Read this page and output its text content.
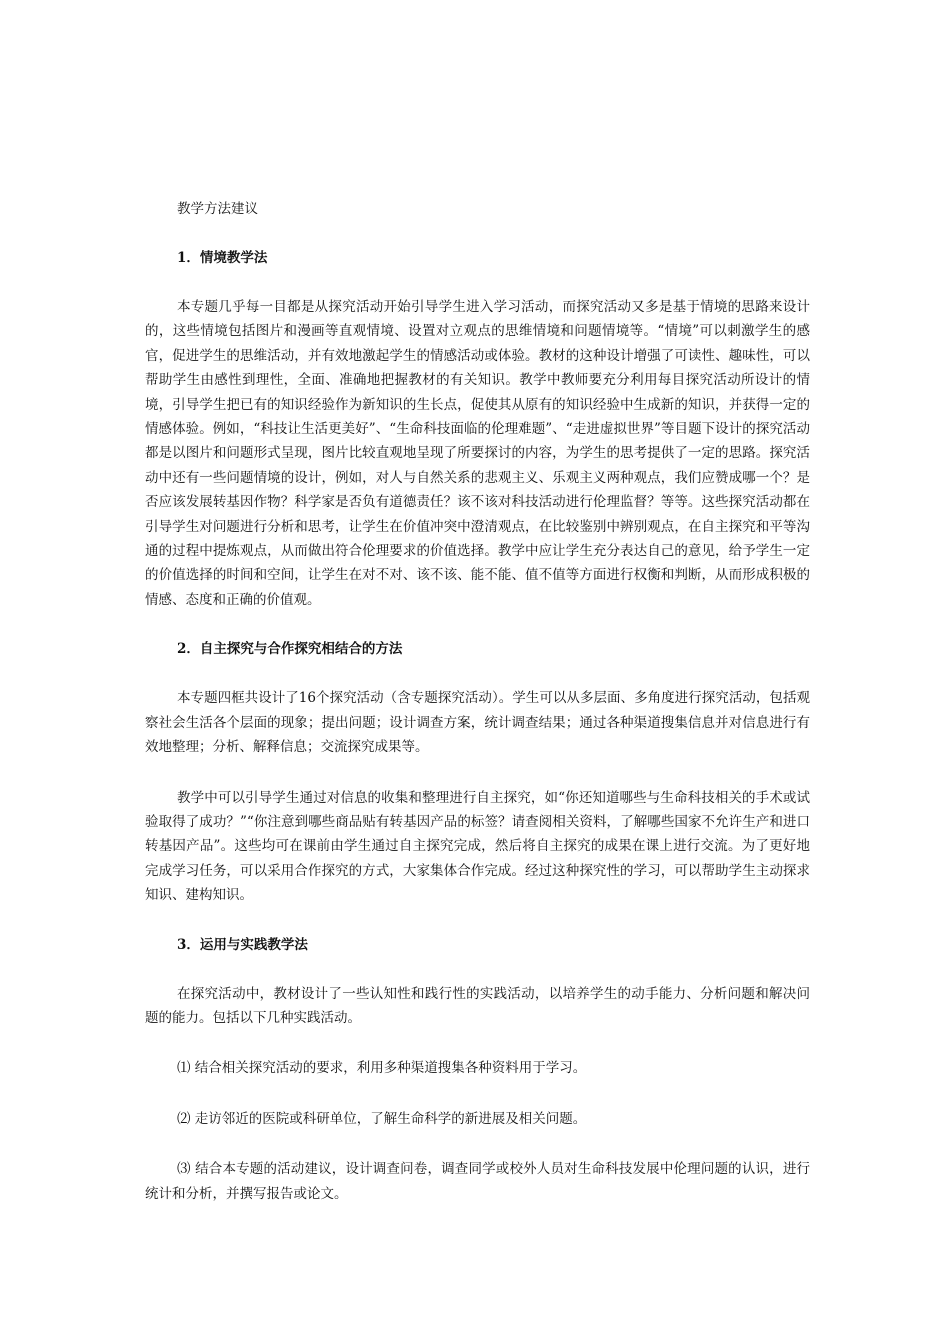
教学方法建议
1．情境教学法

本专题几乎每一目都是从探究活动开始引导学生进入学习活动，而探究活动又多是基于情境的思路来设计的，这些情境包括图片和漫画等直观情境、设置对立观点的思维情境和问题情境等。“情境”可以刺激学生的感官，促进学生的思维活动，并有效地激起学生的情感活动或体验。教材的这种设计增强了可读性、趣味性，可以帮助学生由感性到理性，全面、准确地把握教材的有关知识。教学中教师要充分利用每目探究活动所设计的情境，引导学生把已有的知识经验作为新知识的生长点，促使其从原有的知识经验中生成新的知识，并获得一定的情感体验。例如，“科技让生活更美好”、“生命科技面临的伦理难题”、“走进虚拟世界”等目题下设计的探究活动都是以图片和问题形式呈现，图片比较直观地呈现了所要探讨的内容，为学生的思考提供了一定的思路。探究活动中还有一些问题情境的设计，例如，对人与自然关系的悲观主义、乐观主义两种观点，我们应赞成哪一个？是否应该发展转基因作物？科学家是否负有道德责任？该不该对科技活动进行伦理监督？等等。这些探究活动都在引导学生对问题进行分析和思考，让学生在价值冲突中澄清观点，在比较鉴别中辨别观点，在自主探究和平等沟通的过程中提炼观点，从而做出符合伦理要求的价值选择。教学中应让学生充分表达自己的意见，给予学生一定的价值选择的时间和空间，让学生在对不对、该不该、能不能、值不值等方面进行权衡和判断，从而形成积极的情感、态度和正确的价值观。

2．自主探究与合作探究相结合的方法

本专题四框共设计了16个探究活动（含专题探究活动）。学生可以从多层面、多角度进行探究活动，包括观察社会生活各个层面的现象；提出问题；设计调查方案，统计调查结果；通过各种渠道搜集信息并对信息进行有效地整理；分析、解释信息；交流探究成果等。

教学中可以引导学生通过对信息的收集和整理进行自主探究，如“你还知道哪些与生命科技相关的手术或试验取得了成功？”“你注意到哪些商品贴有转基因产品的标签？请查阅相关资料，了解哪些国家不允许生产和进口转基因产品”。这些均可在课前由学生通过自主探究完成，然后将自主探究的成果在课上进行交流。为了更好地完成学习任务，可以采用合作探究的方式，大家集体合作完成。经过这种探究性的学习，可以帮助学生主动探求知识、建构知识。

3．运用与实践教学法

在探究活动中，教材设计了一些认知性和践行性的实践活动，以培养学生的动手能力、分析问题和解决问题的能力。包括以下几种实践活动。

⑴ 结合相关探究活动的要求，利用多种渠道搜集各种资料用于学习。

⑵ 走访邻近的医院或科研单位，了解生命科学的新进展及相关问题。

⑶ 结合本专题的活动建议，设计调查问卷，调查同学或校外人员对生命科技发展中伦理问题的认识，进行统计和分析，并撰写报告或论文。
